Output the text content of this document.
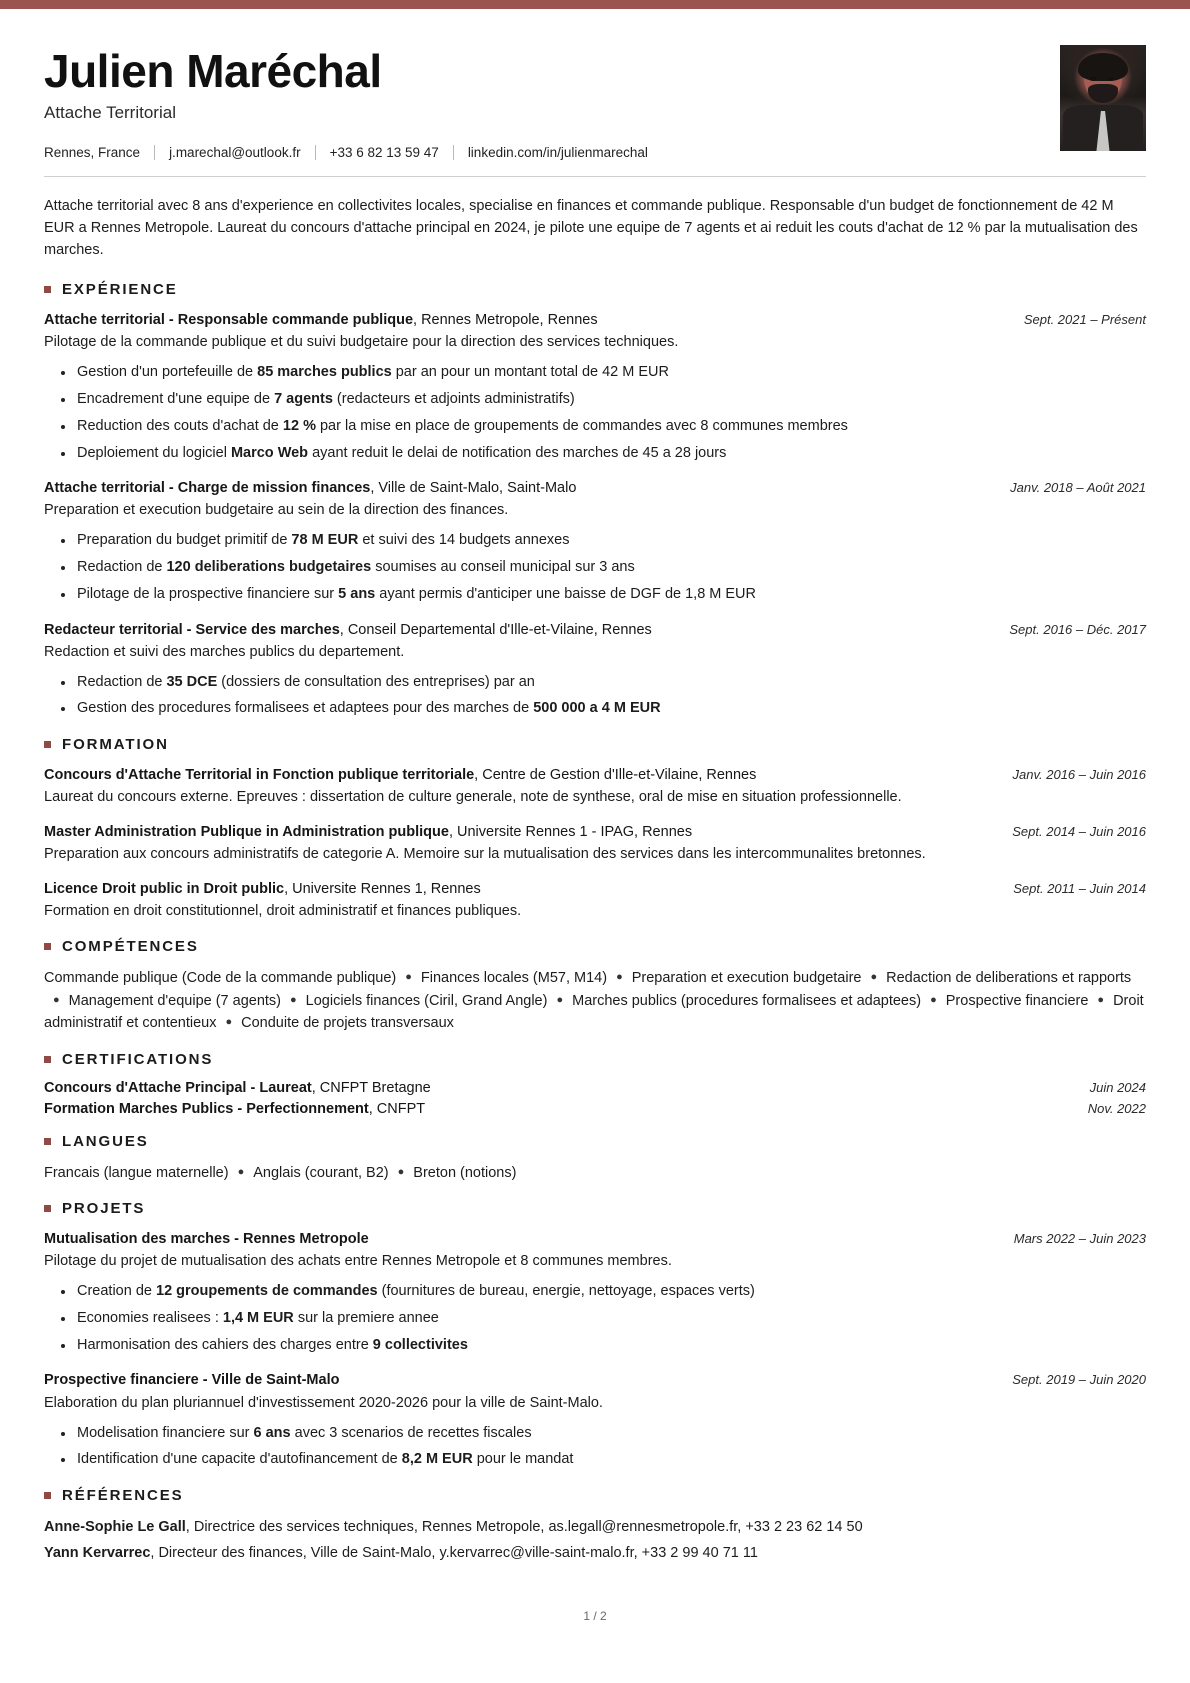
Julien Maréchal
Attache Territorial
Rennes, France j.marechal@outlook.fr +33 6 82 13 59 47 linkedin.com/in/julienmarechal
Attache territorial avec 8 ans d'experience en collectivites locales, specialise en finances et commande publique. Responsable d'un budget de fonctionnement de 42 M EUR a Rennes Metropole. Laureat du concours d'attache principal en 2024, je pilote une equipe de 7 agents et ai reduit les couts d'achat de 12 % par la mutualisation des marches.
EXPÉRIENCE
Attache territorial - Responsable commande publique, Rennes Metropole, Rennes	Sept. 2021 – Présent
Pilotage de la commande publique et du suivi budgetaire pour la direction des services techniques.
Gestion d'un portefeuille de 85 marches publics par an pour un montant total de 42 M EUR
Encadrement d'une equipe de 7 agents (redacteurs et adjoints administratifs)
Reduction des couts d'achat de 12 % par la mise en place de groupements de commandes avec 8 communes membres
Deploiement du logiciel Marco Web ayant reduit le delai de notification des marches de 45 a 28 jours
Attache territorial - Charge de mission finances, Ville de Saint-Malo, Saint-Malo	Janv. 2018 – Août 2021
Preparation et execution budgetaire au sein de la direction des finances.
Preparation du budget primitif de 78 M EUR et suivi des 14 budgets annexes
Redaction de 120 deliberations budgetaires soumises au conseil municipal sur 3 ans
Pilotage de la prospective financiere sur 5 ans ayant permis d'anticiper une baisse de DGF de 1,8 M EUR
Redacteur territorial - Service des marches, Conseil Departemental d'Ille-et-Vilaine, Rennes	Sept. 2016 – Déc. 2017
Redaction et suivi des marches publics du departement.
Redaction de 35 DCE (dossiers de consultation des entreprises) par an
Gestion des procedures formalisees et adaptees pour des marches de 500 000 a 4 M EUR
FORMATION
Concours d'Attache Territorial in Fonction publique territoriale, Centre de Gestion d'Ille-et-Vilaine, Rennes	Janv. 2016 – Juin 2016
Laureat du concours externe. Epreuves : dissertation de culture generale, note de synthese, oral de mise en situation professionnelle.
Master Administration Publique in Administration publique, Universite Rennes 1 - IPAG, Rennes	Sept. 2014 – Juin 2016
Preparation aux concours administratifs de categorie A. Memoire sur la mutualisation des services dans les intercommunalites bretonnes.
Licence Droit public in Droit public, Universite Rennes 1, Rennes	Sept. 2011 – Juin 2014
Formation en droit constitutionnel, droit administratif et finances publiques.
COMPÉTENCES
Commande publique (Code de la commande publique) ● Finances locales (M57, M14) ● Preparation et execution budgetaire ● Redaction de deliberations et rapports● Management d'equipe (7 agents) ● Logiciels finances (Ciril, Grand Angle) ● Marches publics (procedures formalisees et adaptees) ● Prospective financiere ● Droit administratif et contentieux ● Conduite de projets transversaux
CERTIFICATIONS
Concours d'Attache Principal - Laureat, CNFPT Bretagne	Juin 2024
Formation Marches Publics - Perfectionnement, CNFPT	Nov. 2022
LANGUES
Francais (langue maternelle) ● Anglais (courant, B2) ● Breton (notions)
PROJETS
Mutualisation des marches - Rennes Metropole	Mars 2022 – Juin 2023
Pilotage du projet de mutualisation des achats entre Rennes Metropole et 8 communes membres.
Creation de 12 groupements de commandes (fournitures de bureau, energie, nettoyage, espaces verts)
Economies realisees : 1,4 M EUR sur la premiere annee
Harmonisation des cahiers des charges entre 9 collectivites
Prospective financiere - Ville de Saint-Malo	Sept. 2019 – Juin 2020
Elaboration du plan pluriannuel d'investissement 2020-2026 pour la ville de Saint-Malo.
Modelisation financiere sur 6 ans avec 3 scenarios de recettes fiscales
Identification d'une capacite d'autofinancement de 8,2 M EUR pour le mandat
RÉFÉRENCES
Anne-Sophie Le Gall, Directrice des services techniques, Rennes Metropole, as.legall@rennesmetropole.fr, +33 2 23 62 14 50
Yann Kervarrec, Directeur des finances, Ville de Saint-Malo, y.kervarrec@ville-saint-malo.fr, +33 2 99 40 71 11
1 / 2
